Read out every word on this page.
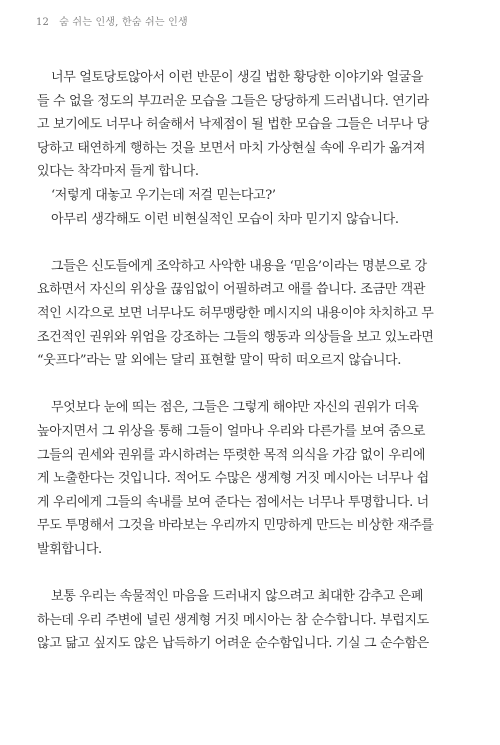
12 숨 쉬는 인생, 한숨 쉬는 인생

너무 얼토당토않아서 이런 반문이 생길 법한 황당한 이야기와 얼굴을
들 수 없을 정도의 부끄러운 모습을 그들은 당당하게 드러냅니다. 연기라
고 보기에도 너무나 허술해서 낙제점이 될 법한 모습을 그들은 너무나 당
당하고 태연하게 행하는 것을 보면서 마치 가상현실 속에 우리가 옮겨져
있다는 착각마저 들게 합니다.

‘저렇게 대놓고 우기는데 저걸 믿는다고?’

아무리 생각해도 이런 비현실적인 모습이 차마 믿기지 않습니다.

그들은 신도들에게 조악하고 사악한 내용을 ‘믿음’이라는 명분으로 강
요하면서 자신의 위상을 끊임없이 어필하려고 애를 씁니다. 조금만 객관
적인 시각으로 보면 너무나도 허무맹랑한 메시지의 내용이야 차치하고 무
조건적인 권위와 위엄을 강조하는 그들의 행동과 의상들을 보고 있노라면
“웃프다”라는 말 외에는 달리 표현할 말이 딱히 떠오르지 않습니다.

무엇보다 눈에 띄는 점은, 그들은 그렇게 해야만 자신의 권위가 더욱
높아지면서 그 위상을 통해 그들이 얼마나 우리와 다른가를 보여 줌으로
그들의 권세와 권위를 과시하려는 뚜렷한 목적 의식을 가감 없이 우리에
게 노출한다는 것입니다. 적어도 수많은 생계형 거짓 메시아는 너무나 쉽
게 우리에게 그들의 속내를 보여 준다는 점에서는 너무나 투명합니다. 너
무도 투명해서 그것을 바라보는 우리까지 민망하게 만드는 비상한 재주를
발휘합니다.

보통 우리는 속물적인 마음을 드러내지 않으려고 최대한 감추고 은폐
하는데 우리 주변에 널린 생계형 거짓 메시아는 참 순수합니다. 부럽지도
않고 닮고 싶지도 않은 납득하기 어려운 순수함입니다. 기실 그 순수함은
